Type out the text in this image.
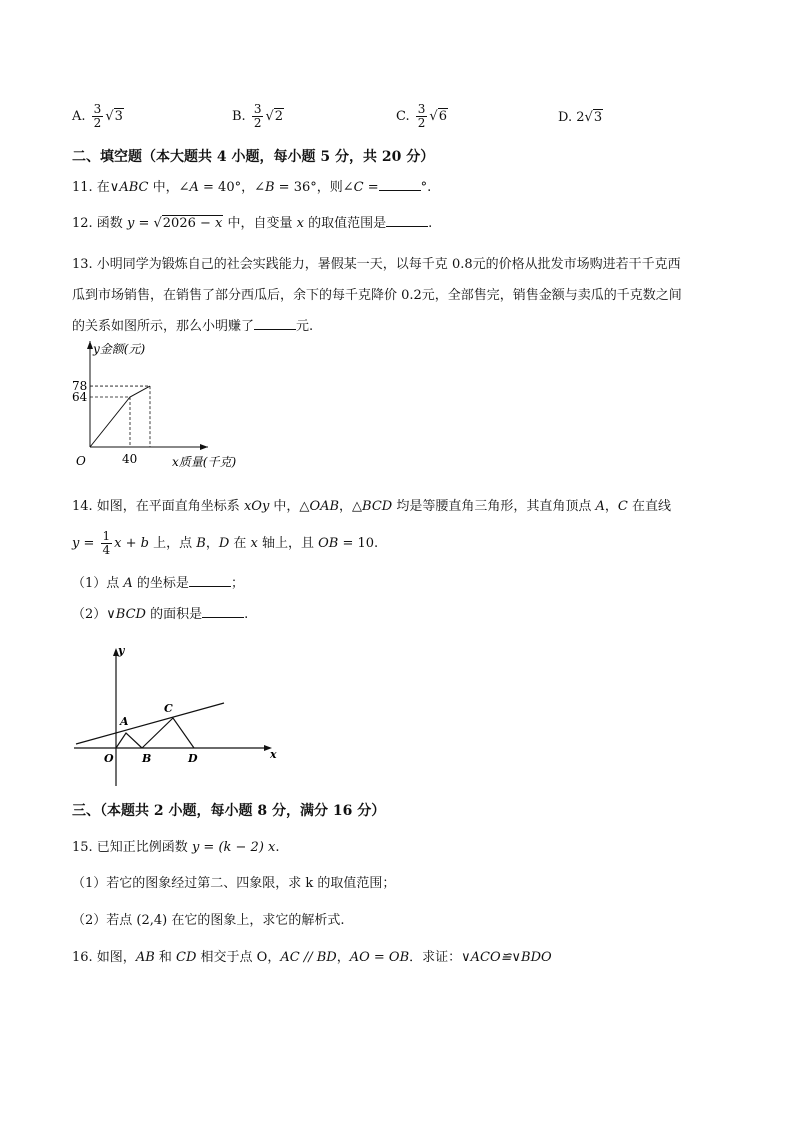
A. $\frac{3}{2} √3$	B. $\frac{3}{2} √2$	C. $\frac{3}{2} √6$	D. 2√3
二、填空题（本大题共 4 小题，每小题 5 分，共 20 分）
11. 在∨ABC 中，∠A = 40°，∠B = 36°，则∠C =	°.
12. 函数 y = √2026 − x 中，自变量 x 的取值范围是	.
13. 小明同学为锻炼自己的社会实践能力，暑假某一天，以每千克 0.8元的价格从批发市场购进若干千克西
瓜到市场销售，在销售了部分西瓜后，余下的每千克降价 0.2元，全部售完，销售金额与卖瓜的千克数之间
的关系如图所示，那么小明赚了	元.
y金额(元)
x质量(千克)
O
78
64
40
14. 如图，在平面直角坐标系 xOy 中，△OAB，△BCD 均是等腰直角三角形，其直角顶点 A，C 在直线
$y = \frac{1}{4}$ x + b 上，点 B，D 在 x 轴上，且 OB = 10.
（1）点 A 的坐标是	；
（2）∨BCD 的面积是	.
y
x
O
A
B
C
D
三、（本题共 2 小题，每小题 8 分，满分 16 分）
15. 已知正比例函数 y = (k − 2) x.
（1）若它的图象经过第二、四象限，求 k 的取值范围；
（2）若点 (2,4) 在它的图象上，求它的解析式.
16. 如图，AB 和 CD 相交于点 O，AC // BD，AO = OB．求证：∨ACO≌∨BDO
